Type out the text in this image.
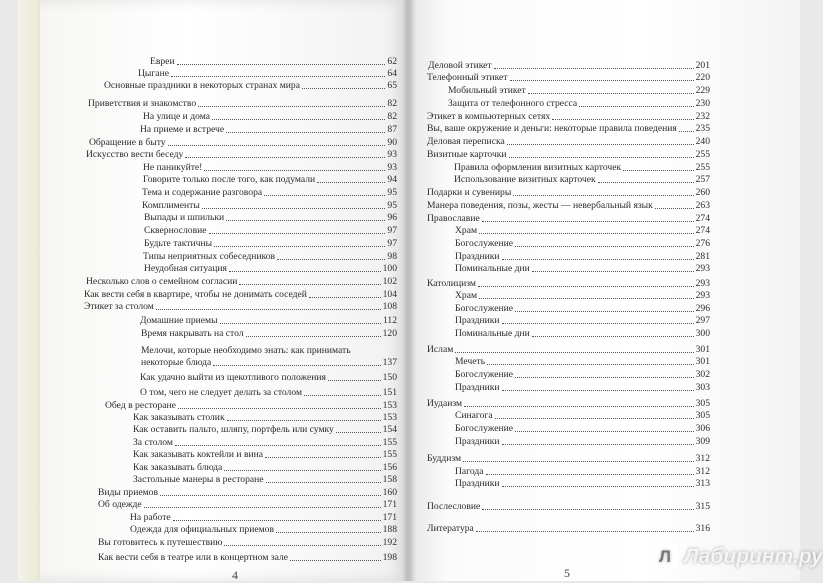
Евреи	62
Цыгане	64
Основные праздники в некоторых странах мира	65
Приветствия и знакомство	82
На улице и дома	82
На приеме и встрече	87
Обращение в быту	90
Искусство вести беседу	93
Не паникуйте!	93
Говорите только после того, как подумали	94
Тема и содержание разговора	95
Комплименты	95
Выпады и шпильки	96
Сквернословие	97
Будьте тактичны	97
Типы неприятных собеседников	98
Неудобная ситуация	100
Несколько слов о семейном согласии	102
Как вести себя в квартире, чтобы не донимать соседей	104
Этикет за столом	108
Домашние приемы	112
Время накрывать на стол	120
Мелочи, которые необходимо знать: как принимать
некоторые блюда	137
Как удачно выйти из щекотливого положения	150
О том, чего не следует делать за столом	151
Обед в ресторане	153
Как заказывать столик	153
Как оставить пальто, шляпу, портфель или сумку	154
За столом	155
Как заказывать коктейли и вина	155
Как заказывать блюда	156
Застольные манеры в ресторане	158
Виды приемов	160
Об одежде	171
На работе	171
Одежда для официальных приемов	188
Вы готовитесь к путешествию	192
Как вести себя в театре или в концертном зале	198
Деловой этикет	201
Телефонный этикет	220
Мобильный этикет	229
Защита от телефонного стресса	230
Этикет в компьютерных сетях	232
Вы, ваше окружение и деньги: некоторые правила поведения 235
Деловая переписка	240
Визитные карточки	255
Правила оформления визитных карточек	255
Использование визитных карточек	257
Подарки и сувениры	260
Манера поведения, позы, жесты — невербальный язык	263
Православие	274
Храм	274
Богослужение	276
Праздники	281
Поминальные дни	293
Католицизм	293
Храм	293
Богослужение	296
Праздники	297
Поминальные дни	300
Ислам	301
Мечеть	301
Богослужение	302
Праздники	303
Иудаизм	305
Синагога	305
Богослужение	306
Праздники	309
Буддизм	312
Пагода	312
Праздники	313
Послесловие	315
Литература	316
4	5
Л Лабиринт.ру
